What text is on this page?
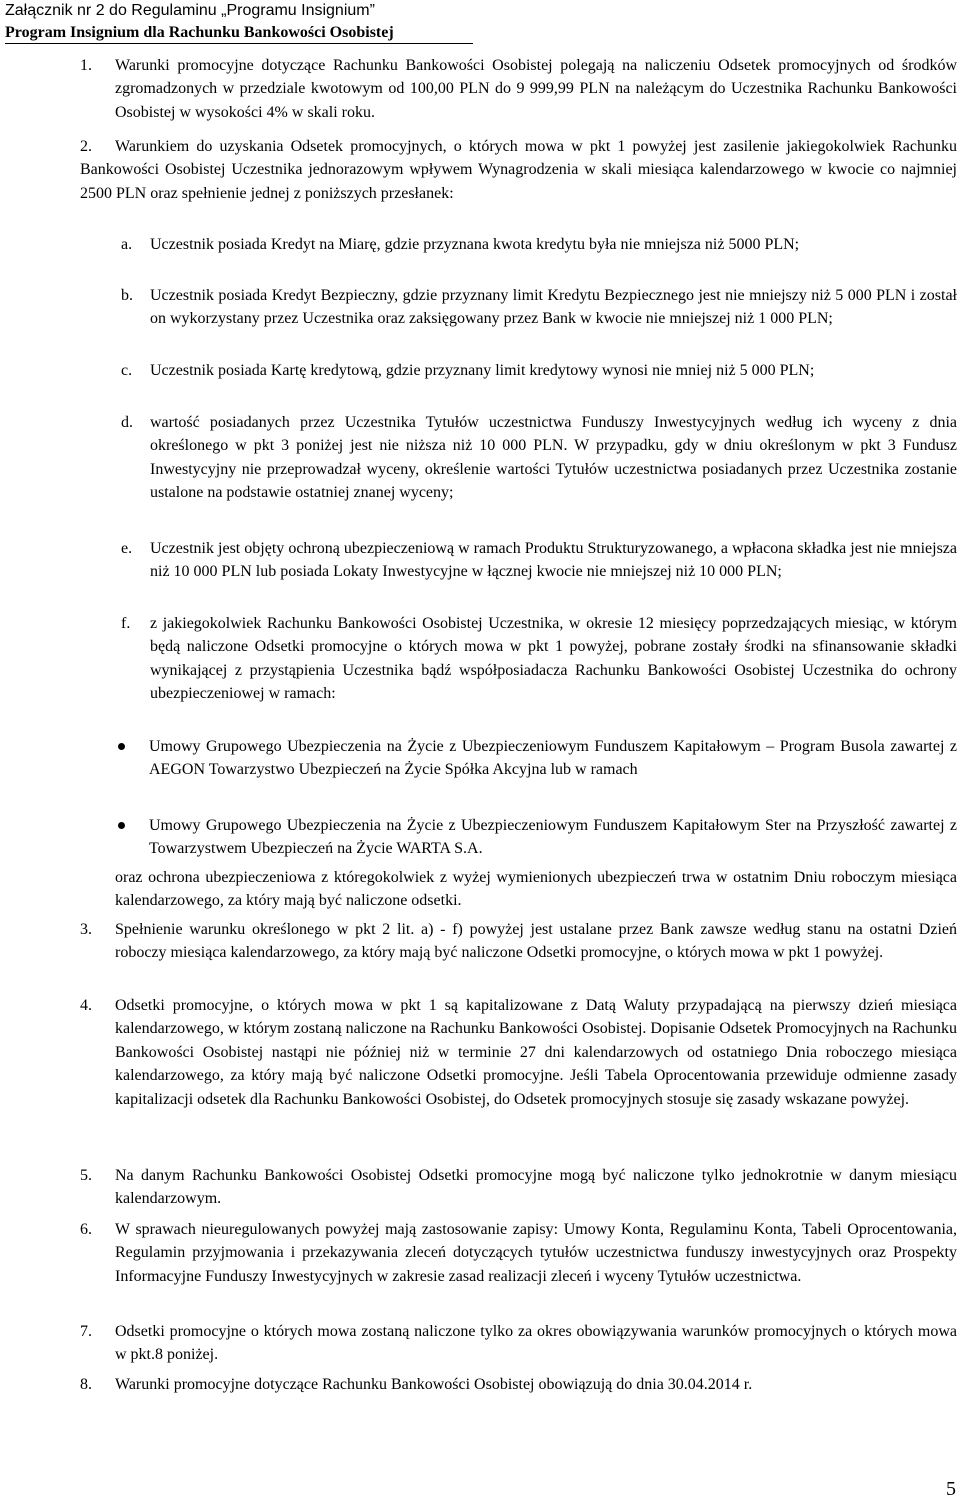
Załącznik nr 2 do Regulaminu „Programu Insignium”
Program Insignium dla Rachunku Bankowości Osobistej
1. Warunki promocyjne dotyczące Rachunku Bankowości Osobistej polegają na naliczeniu Odsetek promocyjnych od środków zgromadzonych w przedziale kwotowym od 100,00 PLN do 9 999,99 PLN na należącym do Uczestnika Rachunku Bankowości Osobistej w wysokości 4% w skali roku.
2.	Warunkiem do uzyskania Odsetek promocyjnych, o których mowa w pkt 1 powyżej jest zasilenie jakiegokolwiek Rachunku Bankowości Osobistej Uczestnika jednorazowym wpływem Wynagrodzenia w skali miesiąca kalendarzowego w kwocie co najmniej 2500 PLN oraz spełnienie jednej z poniższych przesłanek:
a. Uczestnik posiada Kredyt na Miarę, gdzie przyznana kwota kredytu była nie mniejsza niż 5000 PLN;
b. Uczestnik posiada Kredyt Bezpieczny, gdzie przyznany limit Kredytu Bezpiecznego jest nie mniejszy niż 5 000 PLN i został on wykorzystany przez Uczestnika oraz zaksięgowany przez Bank w kwocie nie mniejszej niż 1 000 PLN;
c. Uczestnik posiada Kartę kredytową, gdzie przyznany limit kredytowy wynosi nie mniej niż 5 000 PLN;
d. wartość posiadanych przez Uczestnika Tytułów uczestnictwa Funduszy Inwestycyjnych według ich wyceny z dnia określonego w pkt 3 poniżej jest nie niższa niż 10 000 PLN. W przypadku, gdy w dniu określonym w pkt 3 Fundusz Inwestycyjny nie przeprowadzał wyceny, określenie wartości Tytułów uczestnictwa posiadanych przez Uczestnika zostanie ustalone na podstawie ostatniej znanej wyceny;
e. Uczestnik jest objęty ochroną ubezpieczeniową w ramach Produktu Strukturyzowanego, a wpłacona składka jest nie mniejsza niż 10 000 PLN lub posiada Lokaty Inwestycyjne w łącznej kwocie nie mniejszej niż 10 000 PLN;
f. z jakiegokolwiek Rachunku Bankowości Osobistej Uczestnika, w okresie 12 miesięcy poprzedzających miesiąc, w którym będą naliczone Odsetki promocyjne o których mowa w pkt 1 powyżej, pobrane zostały środki na sfinansowanie składki wynikającej z przystąpienia Uczestnika bądź współposiadacza Rachunku Bankowości Osobistej Uczestnika do ochrony ubezpieczeniowej w ramach:
Umowy Grupowego Ubezpieczenia na Życie z Ubezpieczeniowym Funduszem Kapitałowym – Program Busola zawartej z AEGON Towarzystwo Ubezpieczeń na Życie Spółka Akcyjna lub w ramach
Umowy Grupowego Ubezpieczenia na Życie z Ubezpieczeniowym Funduszem Kapitałowym Ster na Przyszłość zawartej z Towarzystwem Ubezpieczeń na Życie WARTA S.A.
oraz ochrona ubezpieczeniowa z któregokolwiek z wyżej wymienionych ubezpieczeń trwa w ostatnim Dniu roboczym miesiąca kalendarzowego, za który mają być naliczone odsetki.
3. Spełnienie warunku określonego w pkt 2 lit. a) - f) powyżej jest ustalane przez Bank zawsze według stanu na ostatni Dzień roboczy miesiąca kalendarzowego, za który mają być naliczone Odsetki promocyjne, o których mowa w pkt 1 powyżej.
4. Odsetki promocyjne, o których mowa w pkt 1 są kapitalizowane z Datą Waluty przypadającą na pierwszy dzień miesiąca kalendarzowego, w którym zostaną naliczone na Rachunku Bankowości Osobistej. Dopisanie Odsetek Promocyjnych na Rachunku Bankowości Osobistej nastąpi nie później niż w terminie 27 dni kalendarzowych od ostatniego Dnia roboczego miesiąca kalendarzowego, za który mają być naliczone Odsetki promocyjne. Jeśli Tabela Oprocentowania przewiduje odmienne zasady kapitalizacji odsetek dla Rachunku Bankowości Osobistej, do Odsetek promocyjnych stosuje się zasady wskazane powyżej.
5. Na danym Rachunku Bankowości Osobistej Odsetki promocyjne mogą być naliczone tylko jednokrotnie w danym miesiącu kalendarzowym.
6. W sprawach nieuregulowanych powyżej mają zastosowanie zapisy: Umowy Konta, Regulaminu Konta, Tabeli Oprocentowania, Regulamin przyjmowania i przekazywania zleceń dotyczących tytułów uczestnictwa funduszy inwestycyjnych oraz Prospekty Informacyjne Funduszy Inwestycyjnych w zakresie zasad realizacji zleceń i wyceny Tytułów uczestnictwa.
7. Odsetki promocyjne o których mowa zostaną naliczone tylko za okres obowiązywania warunków promocyjnych o których mowa w pkt.8 poniżej.
8. Warunki promocyjne dotyczące Rachunku Bankowości Osobistej obowiązują do dnia 30.04.2014 r.
5
